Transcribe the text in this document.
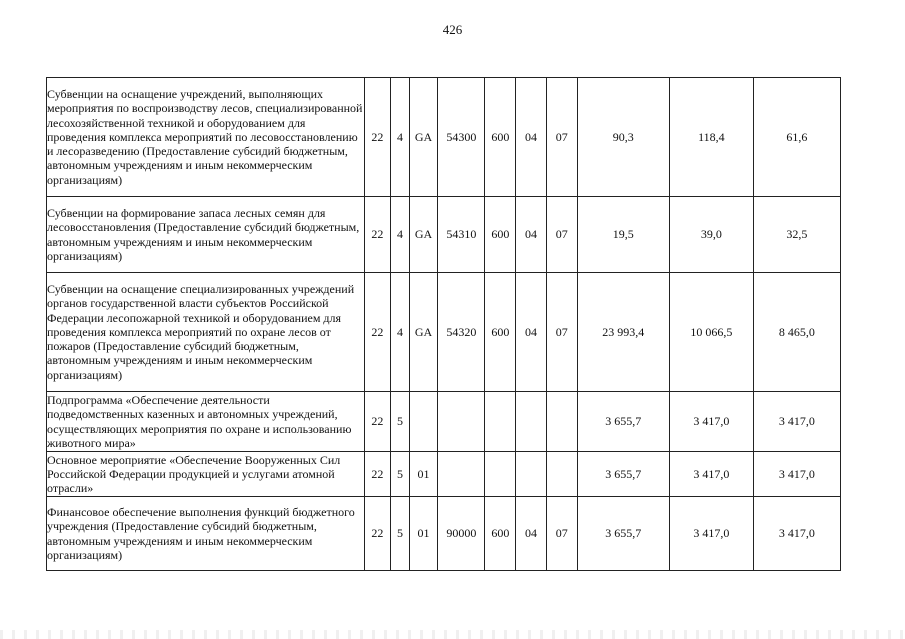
426
Субвенции на оснащение учреждений, выполняющих мероприятия по воспроизводству лесов, специализированной лесохозяйственной техникой и оборудованием для проведения комплекса мероприятий по лесовосстановлению и лесоразведению (Предоставление субсидий бюджетным, автономным учреждениям и иным некоммерческим организациям)	22	4	GA	54300	600	04	07	90,3	118,4	61,6
Субвенции на формирование запаса лесных семян для лесовосстановления (Предоставление субсидий бюджетным, автономным учреждениям и иным некоммерческим организациям)	22	4	GA	54310	600	04	07	19,5	39,0	32,5
Субвенции на оснащение специализированных учреждений органов государственной власти субъектов Российской Федерации лесопожарной техникой и оборудованием для проведения комплекса мероприятий по охране лесов от пожаров (Предоставление субсидий бюджетным, автономным учреждениям и иным некоммерческим организациям)	22	4	GA	54320	600	04	07	23 993,4	10 066,5	8 465,0
Подпрограмма «Обеспечение деятельности подведомственных казенных и автономных учреждений, осуществляющих мероприятия по охране и использованию животного мира»	22	5						3 655,7	3 417,0	3 417,0
Основное мероприятие «Обеспечение Вооруженных Сил Российской Федерации продукцией и услугами атомной отрасли»	22	5	01					3 655,7	3 417,0	3 417,0
Финансовое обеспечение выполнения функций бюджетного учреждения (Предоставление субсидий бюджетным, автономным учреждениям и иным некоммерческим организациям)	22	5	01	90000	600	04	07	3 655,7	3 417,0	3 417,0
